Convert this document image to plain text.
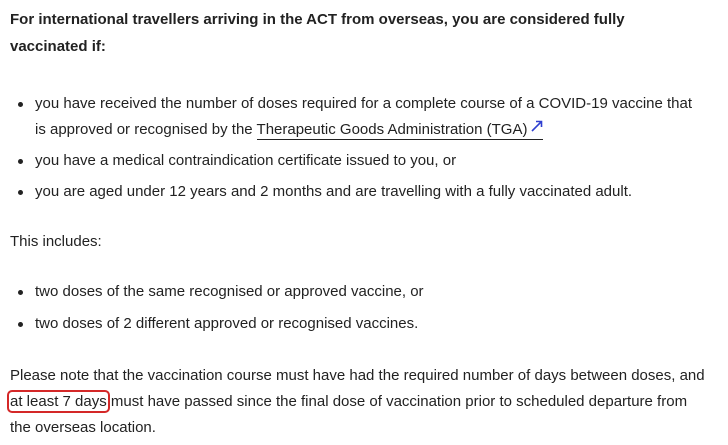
For international travellers arriving in the ACT from overseas, you are considered fully vaccinated if:

you have received the number of doses required for a complete course of a COVID-19 vaccine that is approved or recognised by the Therapeutic Goods Administration (TGA)
you have a medical contraindication certificate issued to you, or
you are aged under 12 years and 2 months and are travelling with a fully vaccinated adult.

This includes:

two doses of the same recognised or approved vaccine, or
two doses of 2 different approved or recognised vaccines.

Please note that the vaccination course must have had the required number of days between doses, and at least 7 days must have passed since the final dose of vaccination prior to scheduled departure from the overseas location.
